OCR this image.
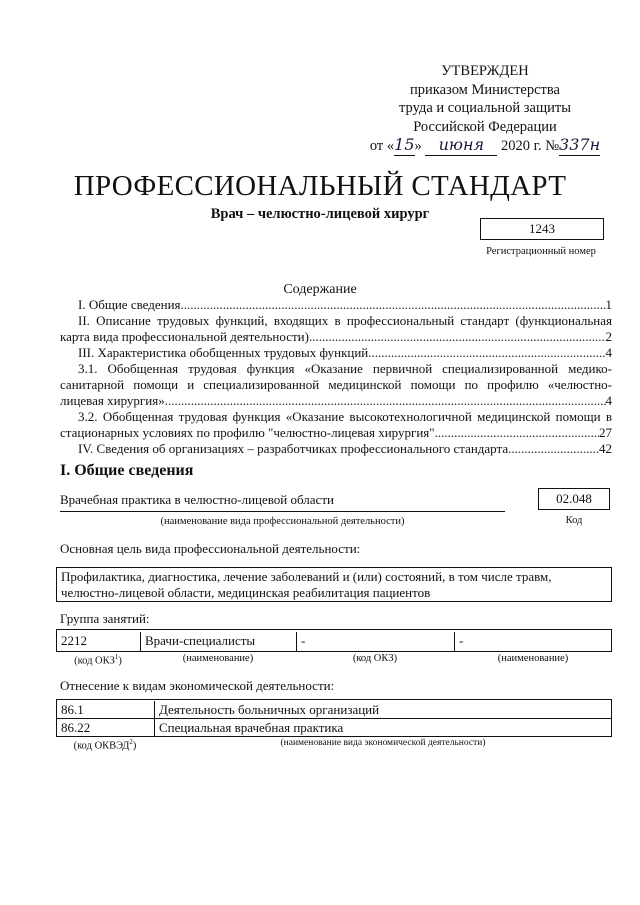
УТВЕРЖДЕН
приказом Министерства
труда и социальной защиты
Российской Федерации
от «15» июня 2020 г. №337н
ПРОФЕССИОНАЛЬНЫЙ СТАНДАРТ
Врач – челюстно-лицевой хирург
1243
Регистрационный номер
Содержание
I. Общие сведения .....	1
II. Описание трудовых функций, входящих в профессиональный стандарт (функциональная
карта вида профессиональной деятельности) .....	2
III. Характеристика обобщенных трудовых функций .....	4
3.1. Обобщенная трудовая функция «Оказание первичной специализированной медико-
санитарной помощи и специализированной медицинской помощи по профилю «челюстно-
лицевая хирургия» .....	4
3.2. Обобщенная трудовая функция «Оказание высокотехнологичной медицинской помощи в
стационарных условиях по профилю "челюстно-лицевая хирургия" .....	27
IV. Сведения об организациях – разработчиках профессионального стандарта .....	42
I. Общие сведения
Врачебная практика в челюстно-лицевой области
(наименование вида профессиональной деятельности)
02.048
Код
Основная цель вида профессиональной деятельности:
Профилактика, диагностика, лечение заболеваний и (или) состояний, в том числе травм,
челюстно-лицевой области, медицинская реабилитация пациентов
Группа занятий:
2212	Врачи-специалисты	-	-
(код ОКЗ$^1$)	(наименование)	(код ОКЗ)	(наименование)
Отнесение к видам экономической деятельности:
86.1	Деятельность больничных организаций
86.22	Специальная врачебная практика
(код ОКВЭД$^2$)	(наименование вида экономической деятельности)
